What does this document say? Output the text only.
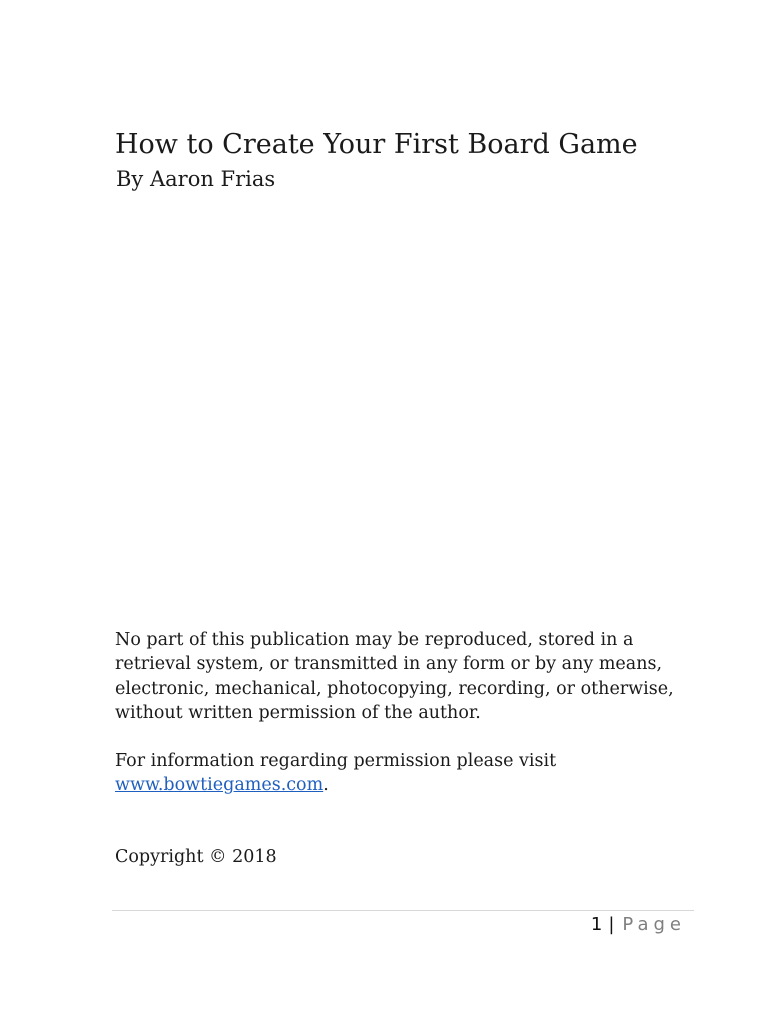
How to Create Your First Board Game
By Aaron Frias

No part of this publication may be reproduced, stored in a retrieval system, or transmitted in any form or by any means, electronic, mechanical, photocopying, recording, or otherwise, without written permission of the author.

For information regarding permission please visit
www.bowtiegames.com.

Copyright © 2018
1 | Page
